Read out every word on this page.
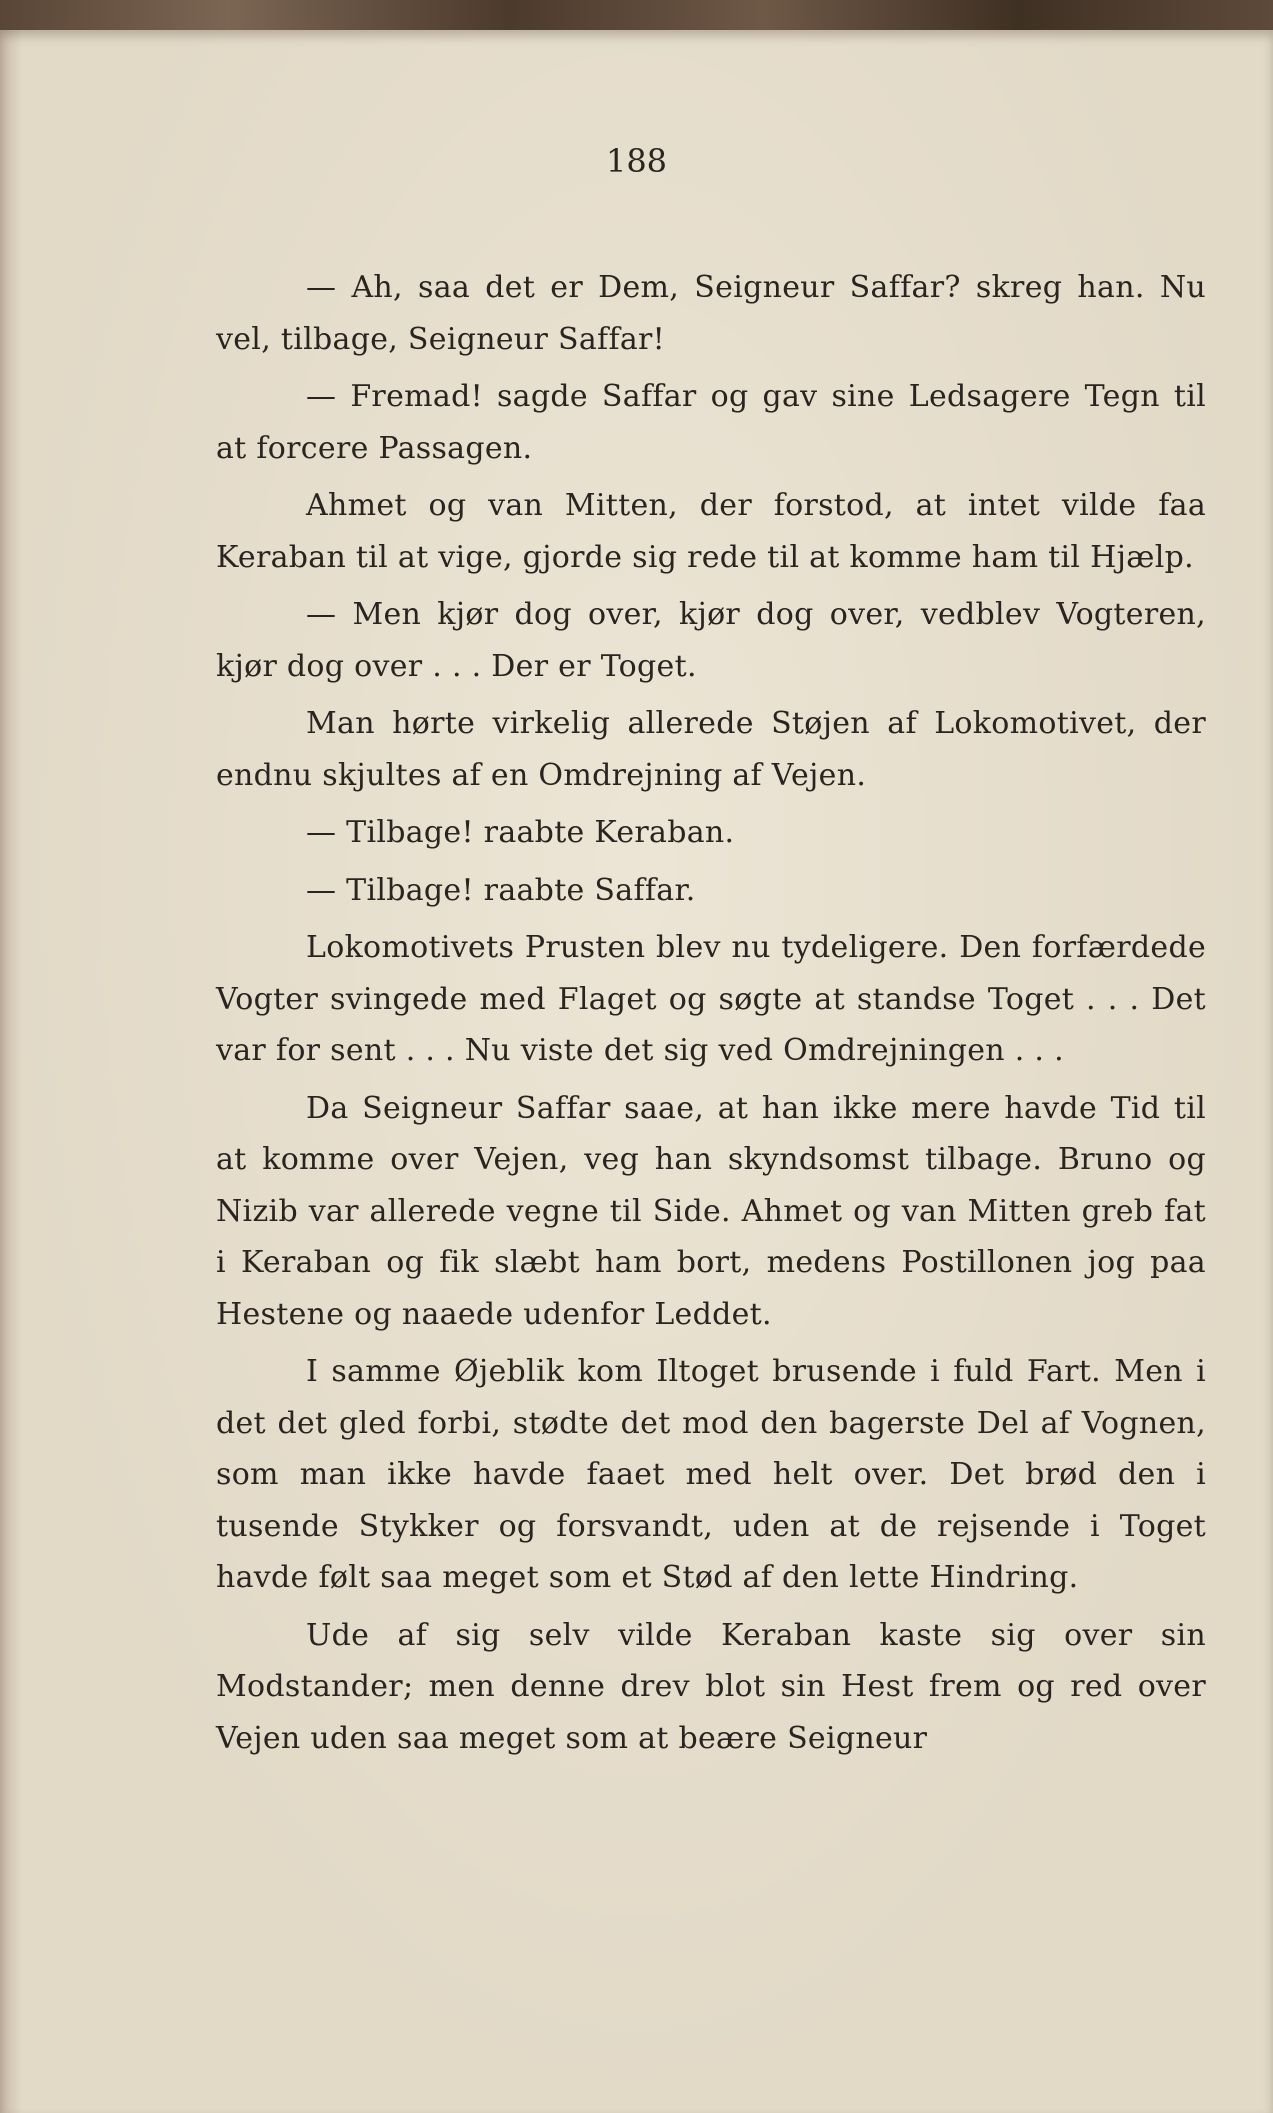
188

— Ah, saa det er Dem, Seigneur Saffar? skreg han. Nu vel, tilbage, Seigneur Saffar!

— Fremad! sagde Saffar og gav sine Ledsagere Tegn til at forcere Passagen.

Ahmet og van Mitten, der forstod, at intet vilde faa Keraban til at vige, gjorde sig rede til at komme ham til Hjælp.

— Men kjør dog over, kjør dog over, vedblev Vogteren, kjør dog over . . . Der er Toget.

Man hørte virkelig allerede Støjen af Lokomotivet, der endnu skjultes af en Omdrejning af Vejen.

— Tilbage! raabte Keraban.

— Tilbage! raabte Saffar.

Lokomotivets Prusten blev nu tydeligere. Den forfærdede Vogter svingede med Flaget og søgte at standse Toget . . . Det var for sent . . . Nu viste det sig ved Omdrejningen . . .

Da Seigneur Saffar saae, at han ikke mere havde Tid til at komme over Vejen, veg han skyndsomst tilbage. Bruno og Nizib var allerede vegne til Side. Ahmet og van Mitten greb fat i Keraban og fik slæbt ham bort, medens Postillonen jog paa Hestene og naaede udenfor Leddet.

I samme Øjeblik kom Iltoget brusende i fuld Fart. Men i det det gled forbi, stødte det mod den bagerste Del af Vognen, som man ikke havde faaet med helt over. Det brød den i tusende Stykker og forsvandt, uden at de rejsende i Toget havde følt saa meget som et Stød af den lette Hindring.

Ude af sig selv vilde Keraban kaste sig over sin Modstander; men denne drev blot sin Hest frem og red over Vejen uden saa meget som at beære Seigneur
